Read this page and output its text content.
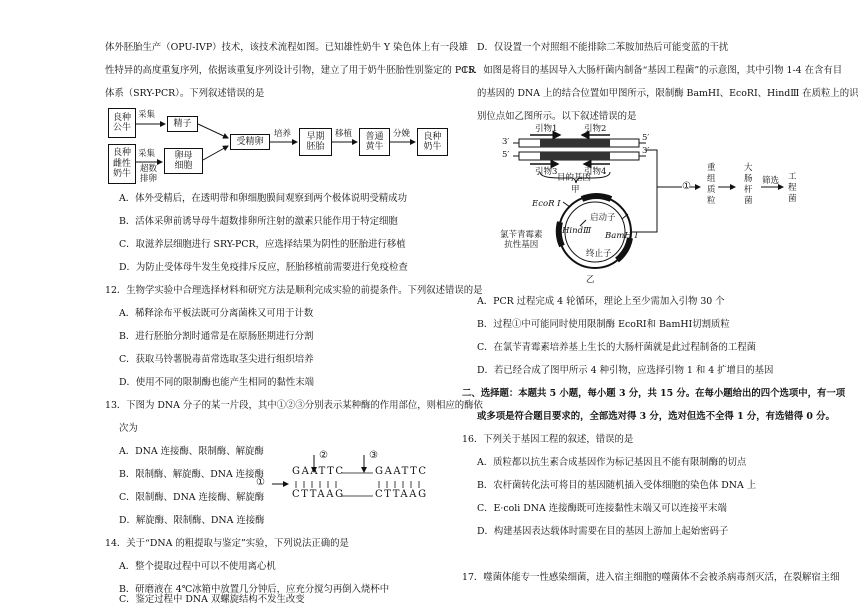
体外胚胎生产（OPU-IVP）技术，该技术流程如图。已知雄性奶牛 Y 染色体上有一段雄
性特异的高度重复序列，依据该重复序列设计引物，建立了用于奶牛胚胎性别鉴定的 PCR
体系（SRY-PCR）。下列叙述错误的是
良种
公牛
采集
精子
良种
雌性
奶牛
采集
超数
排卵
卵母
细胞
受精卵
培养	早期
胚胎
移植	普通
黄牛
分娩	良种
奶牛
A．体外受精后，在透明带和卵细胞膜间观察到两个极体说明受精成功
B．活体采卵前诱导母牛超数排卵所注射的激素只能作用于特定细胞
C．取滋养层细胞进行 SRY-PCR，应选择结果为阴性的胚胎进行移植
D．为防止受体母牛发生免疫排斥反应，胚胎移植前需要进行免疫检查
12．生物学实验中合理选择材料和研究方法是顺利完成实验的前提条件。下列叙述错误的是
A．稀释涂布平板法既可分离菌株又可用于计数
B．进行胚胎分割时通常是在原肠胚期进行分割
C．获取马铃薯脱毒苗常选取茎尖进行组织培养
D．使用不同的限制酶也能产生相同的黏性末端
13．下图为 DNA 分子的某一片段，其中①②③分别表示某种酶的作用部位，则相应的酶依
次为
A．DNA 连接酶、限制酶、解旋酶
B．限制酶、解旋酶、DNA 连接酶
C．限制酶、DNA 连接酶、解旋酶
D．解旋酶、限制酶、DNA 连接酶
①
②	③
GAATTC
CTTAAG
GAATTC
CTTAAG
14．关于“DNA 的粗提取与鉴定”实验，下列说法正确的是
A．整个提取过程中可以不使用离心机
B．研磨液在 4℃冰箱中放置几分钟后，应充分搅匀再倒入烧杯中
D．仅设置一个对照组不能排除二苯胺加热后可能变蓝的干扰
15．如图是将目的基因导入大肠杆菌内制备“基因工程菌”的示意图，其中引物 1-4 在含有目
的基因的 DNA 上的结合位置如甲图所示，限制酶 BamHⅠ、EcoRⅠ、HindⅢ 在质粒上的识
别位点如乙图所示。以下叙述错误的是
引物1	引物2
引物3	引物4
3′
5′
5′
3′
目的基因
甲
EcoR Ⅰ
启动子
HindⅢ BamH Ⅰ
氯苄青霉素
抗性基因
终止子
乙
①
重
组
质
粒
大
肠
杆
菌
筛选 工
程
菌
A．PCR 过程完成 4 轮循环，理论上至少需加入引物 30 个
B．过程①中可能同时使用限制酶 EcoRⅠ和 BamHⅠ切割质粒
C．在氯苄青霉素培养基上生长的大肠杆菌就是此过程制备的工程菌
D．若已经合成了图甲所示 4 种引物，应选择引物 1 和 4 扩增目的基因
二、选择题：本题共 5 小题，每小题 3 分，共 15 分。在每小题给出的四个选项中，有一项
或多项是符合题目要求的，全部选对得 3 分，选对但选不全得 1 分，有选错得 0 分。
16．下列关于基因工程的叙述，错误的是
A．质粒都以抗生素合成基因作为标记基因且不能有限制酶的切点
B．农杆菌转化法可将目的基因随机插入受体细胞的染色体 DNA 上
C．E·coli DNA 连接酶既可连接黏性末端又可以连接平末端
D．构建基因表达载体时需要在目的基因上游加上起始密码子
17．噬菌体能专一性感染细菌，进入宿主细胞的噬菌体不会被杀病毒剂灭活，在裂解宿主细
C．鉴定过程中 DNA 双螺旋结构不发生改变
